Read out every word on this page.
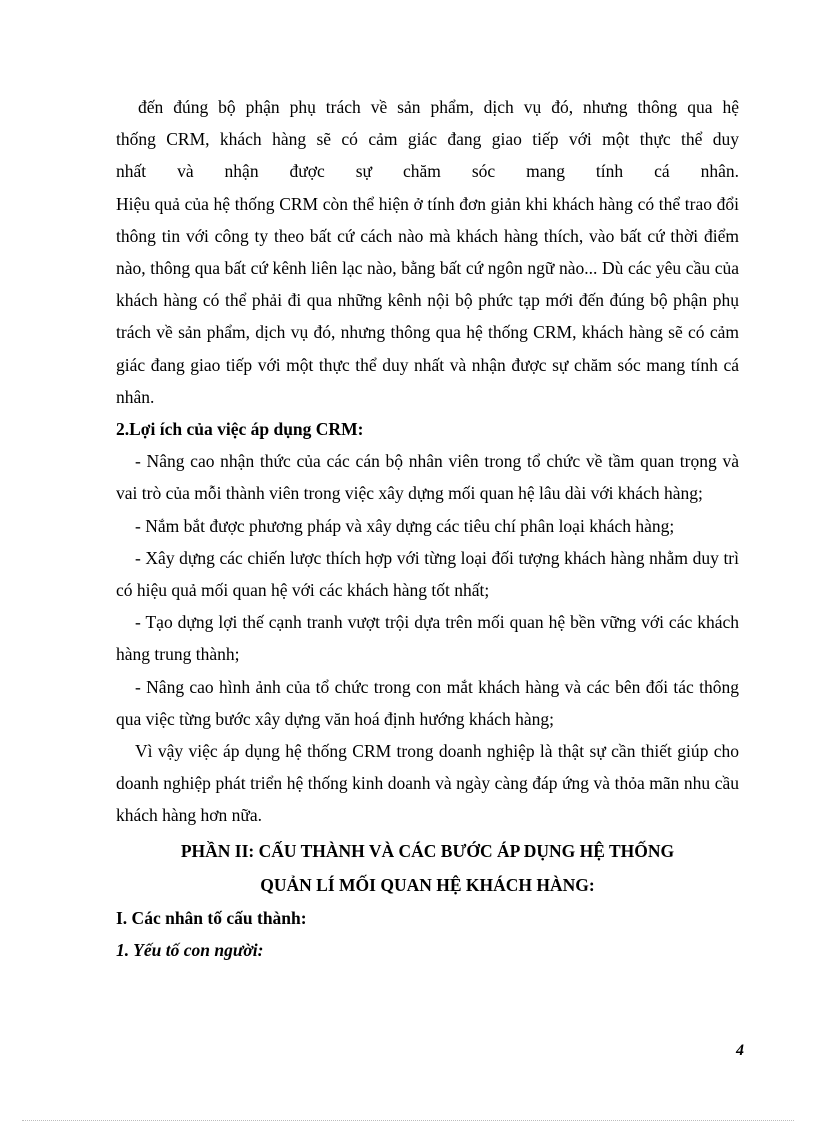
đến đúng bộ phận phụ trách về sản phẩm, dịch vụ đó, nhưng thông qua hệ

thống CRM, khách hàng sẽ có cảm giác đang giao tiếp với một thực thể duy

nhất và nhận được sự chăm sóc mang tính cá nhân.

Hiệu quả của hệ thống CRM còn thể hiện ở tính đơn giản khi khách hàng có thể trao đổi thông tin với công ty theo bất cứ cách nào mà khách hàng thích, vào bất cứ thời điểm nào, thông qua bất cứ kênh liên lạc nào, bằng bất cứ ngôn ngữ nào... Dù các yêu cầu của khách hàng có thể phải đi qua những kênh nội bộ phức tạp mới đến đúng bộ phận phụ trách về sản phẩm, dịch vụ đó, nhưng thông qua hệ thống CRM, khách hàng sẽ có cảm giác đang giao tiếp với một thực thể duy nhất và nhận được sự chăm sóc mang tính cá nhân.

2.Lợi ích của việc áp dụng CRM:

- Nâng cao nhận thức của các cán bộ nhân viên trong tổ chức về tầm quan trọng và vai trò của mỗi thành viên trong việc xây dựng mối quan hệ lâu dài với khách hàng;

- Nắm bắt được phương pháp và xây dựng các tiêu chí phân loại khách hàng;

- Xây dựng các chiến lược thích hợp với từng loại đối tượng khách hàng nhằm duy trì có hiệu quả mối quan hệ với các khách hàng tốt nhất;

- Tạo dựng lợi thế cạnh tranh vượt trội dựa trên mối quan hệ bền vững với các khách hàng trung thành;

- Nâng cao hình ảnh của tổ chức trong con mắt khách hàng và các bên đối tác thông qua việc từng bước xây dựng văn hoá định hướng khách hàng;

Vì vậy việc áp dụng hệ thống CRM trong doanh nghiệp là thật sự cần thiết giúp cho doanh nghiệp phát triển hệ thống kinh doanh và ngày càng đáp ứng và thỏa mãn nhu cầu khách hàng hơn nữa.

PHẦN II: CẤU THÀNH VÀ CÁC BƯỚC ÁP DỤNG HỆ THỐNG
QUẢN LÍ MỐI QUAN HỆ KHÁCH HÀNG:

I. Các nhân tố cấu thành:

1. Yếu tố con người:

4
